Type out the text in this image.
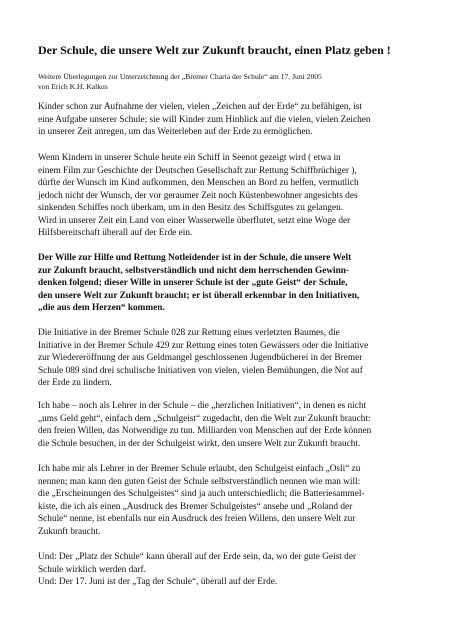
Der Schule, die unsere Welt zur Zukunft braucht, einen Platz geben !
Weitere Überlegungen zur Unterzeichnung der „Bremer Charta der Schule“ am 17. Juni 2005
von Erich K.H. Kalkus
Kinder schon zur Aufnahme der vielen, vielen „Zeichen auf der Erde“ zu befähigen, ist
eine Aufgabe unserer Schule; sie will Kinder zum Hinblick auf die vielen, vielen Zeichen
in unserer Zeit anregen, um das Weiterleben auf der Erde zu ermöglichen.
Wenn Kindern in unserer Schule heute ein Schiff in Seenot gezeigt wird ( etwa in
einem Film zur Geschichte der Deutschen Gesellschaft zur Rettung Schiffbrüchiger ),
dürfte der Wunsch im Kind aufkommen, den Menschen an Bord zu helfen, vermutlich
jedoch nicht der Wunsch, der vor geraumer Zeit noch Küstenbewohner angesichts des
sinkenden Schiffes noch überkam, um in den Besitz des Schiffsgutes zu gelangen.
Wird in unserer Zeit ein Land von einer Wasserwelle überflutet, setzt eine Woge der
Hilfsbereitschaft überall auf der Erde ein.
Der Wille zur Hilfe und Rettung Notleidender ist in der Schule, die unsere Welt
zur Zukunft braucht, selbstverständlich und nicht dem herrschenden Gewinn-
denken folgend; dieser Wille in unserer Schule ist der „gute Geist“ der Schule,
den unsere Welt zur Zukunft braucht; er ist überall erkennbar in den Initiativen,
„die aus dem Herzen“ kommen.
Die Initiative in der Bremer Schule 028 zur Rettung eines verletzten Baumes, die
Initiative in der Bremer Schule 429 zur Rettung eines toten Gewässers oder die Initiative
zur Wiedereröffnung der aus Geldmangel geschlossenen Jugendbücherei in der Bremer
Schule 089 sind drei schulische Initiativen von vielen, vielen Bemühungen, die Not auf
der Erde zu lindern.
Ich habe – noch als Lehrer in der Schule – die „herzlichen Initiativen“, in denen es nicht
„ums Geld geht“, einfach dem „Schulgeist“ zugedacht, den die Welt zur Zukunft braucht:
den freien Willen, das Notwendige zu tun. Milliarden von Menschen auf der Erde können
die Schule besuchen, in der der Schulgeist wirkt, den unsere Welt zur Zukunft braucht.
Ich habe mir als Lehrer in der Bremer Schule erlaubt, den Schulgeist einfach „Osli“ zu
nennen; man kann den guten Geist der Schule selbstverständlich nennen wie man will:
die „Erscheinungen des Schulgeistes“ sind ja auch unterschiedlich; die Batteriesammel-
kiste, die ich als einen „Ausdruck des Bremer Schulgeistes“ ansehe und „Roland der
Schule“ nenne, ist ebenfalls nur ein Ausdruck des freien Willens, den unsere Welt zur
Zukunft braucht.
Und: Der „Platz der Schule“ kann überall auf der Erde sein, da, wo der gute Geist der
Schule wirklich werden darf.
Und: Der 17. Juni ist der „Tag der Schule“, überall auf der Erde.
